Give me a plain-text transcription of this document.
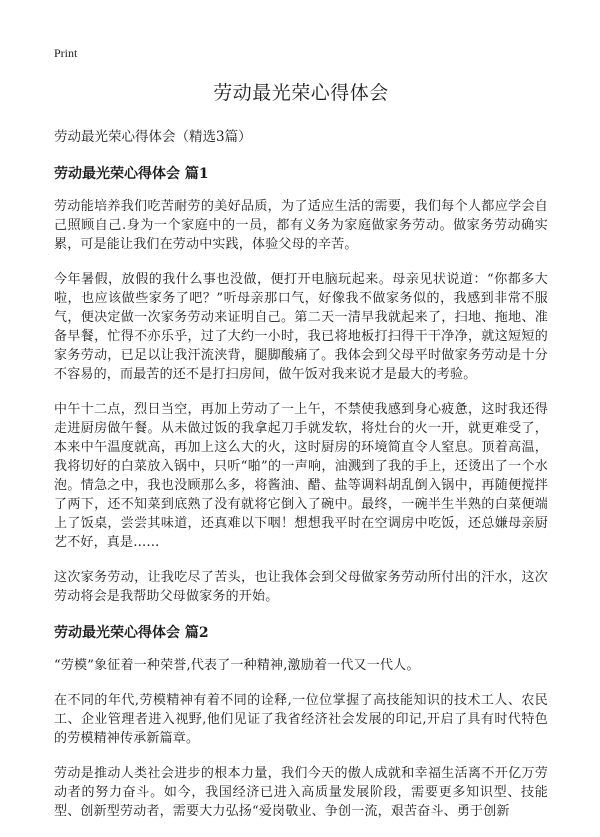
Print
劳动最光荣心得体会

劳动最光荣心得体会（精选3篇）

劳动最光荣心得体会 篇1

劳动能培养我们吃苦耐劳的美好品质，为了适应生活的需要，我们每个人都应学会自己照顾自己.身为一个家庭中的一员，都有义务为家庭做家务劳动。做家务劳动确实累，可是能让我们在劳动中实践，体验父母的辛苦。

今年暑假，放假的我什么事也没做，便打开电脑玩起来。母亲见状说道：“你都多大啦，也应该做些家务了吧？”听母亲那口气，好像我不做家务似的，我感到非常不服气，便决定做一次家务劳动来证明自己。第二天一清早我就起来了，扫地、拖地、准备早餐，忙得不亦乐乎，过了大约一小时，我已将地板打扫得干干净净，就这短短的家务劳动，已足以让我汗流浃背，腿脚酸痛了。我体会到父母平时做家务劳动是十分不容易的，而最苦的还不是打扫房间，做午饭对我来说才是最大的考验。

中午十二点，烈日当空，再加上劳动了一上午，不禁使我感到身心疲惫，这时我还得走进厨房做午餐。从未做过饭的我拿起刀手就发软，将灶台的火一开，就更难受了，本来中午温度就高，再加上这么大的火，这时厨房的环境简直令人窒息。顶着高温，我将切好的白菜放入锅中，只听“啪”的一声响，油溅到了我的手上，还烫出了一个水泡。情急之中，我也没顾那么多，将酱油、醋、盐等调料胡乱倒入锅中，再随便搅拌了两下，还不知菜到底熟了没有就将它倒入了碗中。最终，一碗半生半熟的白菜便端上了饭桌，尝尝其味道，还真难以下咽！想想我平时在空调房中吃饭，还总嫌母亲厨艺不好，真是……

这次家务劳动，让我吃尽了苦头，也让我体会到父母做家务劳动所付出的汗水，这次劳动将会是我帮助父母做家务的开始。

劳动最光荣心得体会 篇2

“劳模”象征着一种荣誉,代表了一种精神,激励着一代又一代人。

在不同的年代,劳模精神有着不同的诠释,一位位掌握了高技能知识的技术工人、农民工、企业管理者进入视野,他们见证了我省经济社会发展的印记,开启了具有时代特色的劳模精神传承新篇章。

劳动是推动人类社会进步的根本力量，我们今天的傲人成就和幸福生活离不开亿万劳动者的努力奋斗。如今，我国经济已进入高质量发展阶段，需要更多知识型、技能型、创新型劳动者，需要大力弘扬“爱岗敬业、争创一流，艰苦奋斗、勇于创新
